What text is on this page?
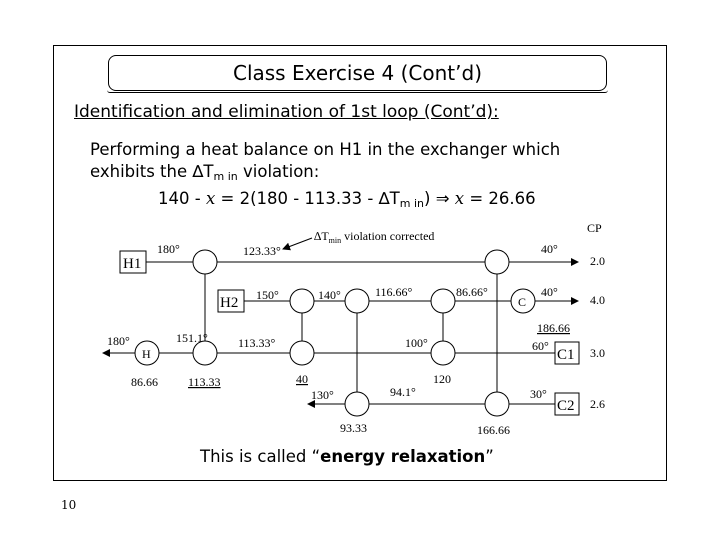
Class Exercise 4 (Cont’d)
Identification and elimination of 1st loop (Cont’d):
Performing a heat balance on H1 in the exchanger which
exhibits the $\Delta T_{m in}$ violation:
$140 - x = 2(180 - 113.33 - \Delta T_{m in})$ ⇒ x = 26.66
CP
H1	2.0
H2	4.0
C1 3.0
C2 2.6
H
C
$\Delta T_{min}$ violation corrected
180°	123.33°	40°
150°	140°	116.66°	86.66°	40°
186.66
180°	151.1°	113.33°	100°	60°
86.66	113.33	40	120
130°	94.1°	30°
93.33	166.66
This is called “energy relaxation”
10
